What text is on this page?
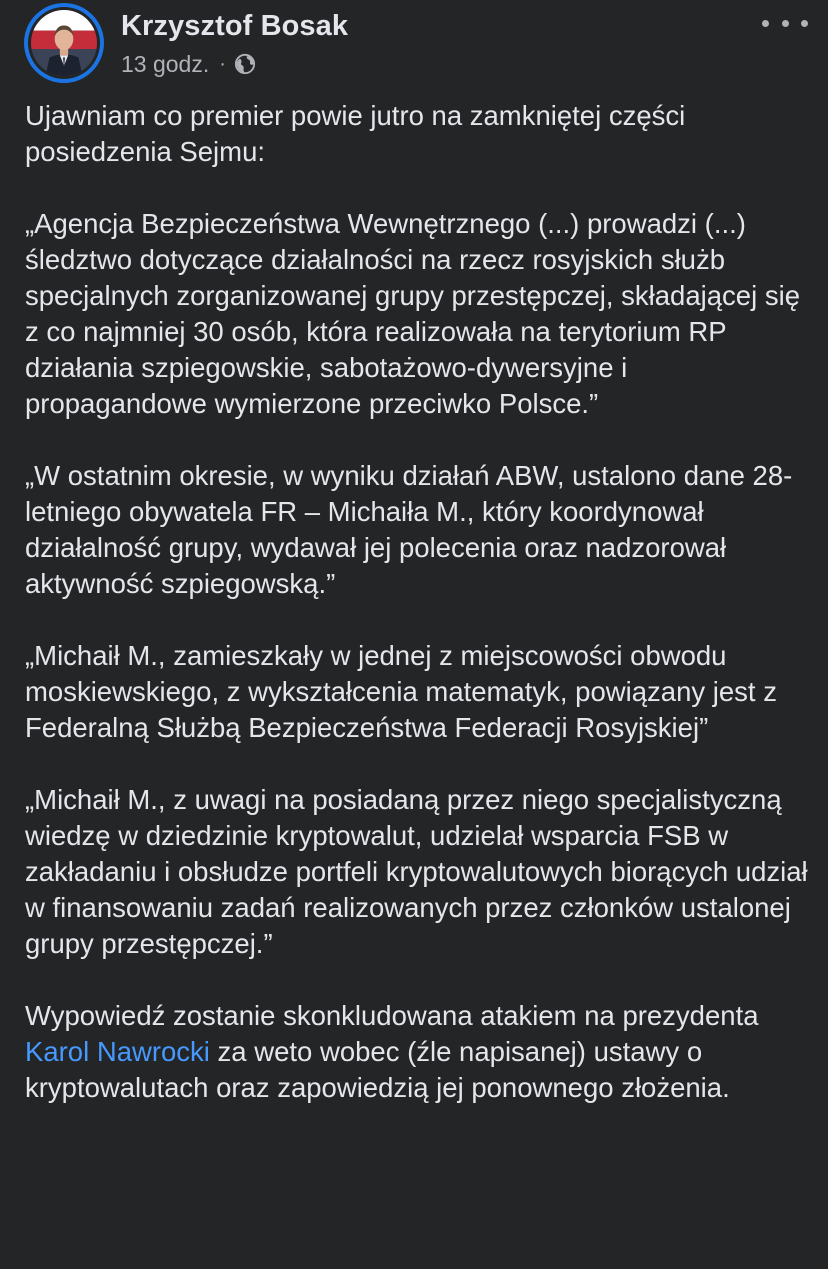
Krzysztof Bosak
13 godz. ·

Ujawniam co premier powie jutro na zamkniętej części posiedzenia Sejmu:

„Agencja Bezpieczeństwa Wewnętrznego (...) prowadzi (...) śledztwo dotyczące działalności na rzecz rosyjskich służb specjalnych zorganizowanej grupy przestępczej, składającej się z co najmniej 30 osób, która realizowała na terytorium RP działania szpiegowskie, sabotażowo-dywersyjne i propagandowe wymierzone przeciwko Polsce.”

„W ostatnim okresie, w wyniku działań ABW, ustalono dane 28-letniego obywatela FR – Michaiła M., który koordynował działalność grupy, wydawał jej polecenia oraz nadzorował aktywność szpiegowską.”

„Michaił M., zamieszkały w jednej z miejscowości obwodu moskiewskiego, z wykształcenia matematyk, powiązany jest z Federalną Służbą Bezpieczeństwa Federacji Rosyjskiej”

„Michaił M., z uwagi na posiadaną przez niego specjalistyczną wiedzę w dziedzinie kryptowalut, udzielał wsparcia FSB w zakładaniu i obsłudze portfeli kryptowalutowych biorących udział w finansowaniu zadań realizowanych przez członków ustalonej grupy przestępczej.”

Wypowiedź zostanie skonkludowana atakiem na prezydenta Karol Nawrocki za weto wobec (źle napisanej) ustawy o kryptowalutach oraz zapowiedzią jej ponownego złożenia.
